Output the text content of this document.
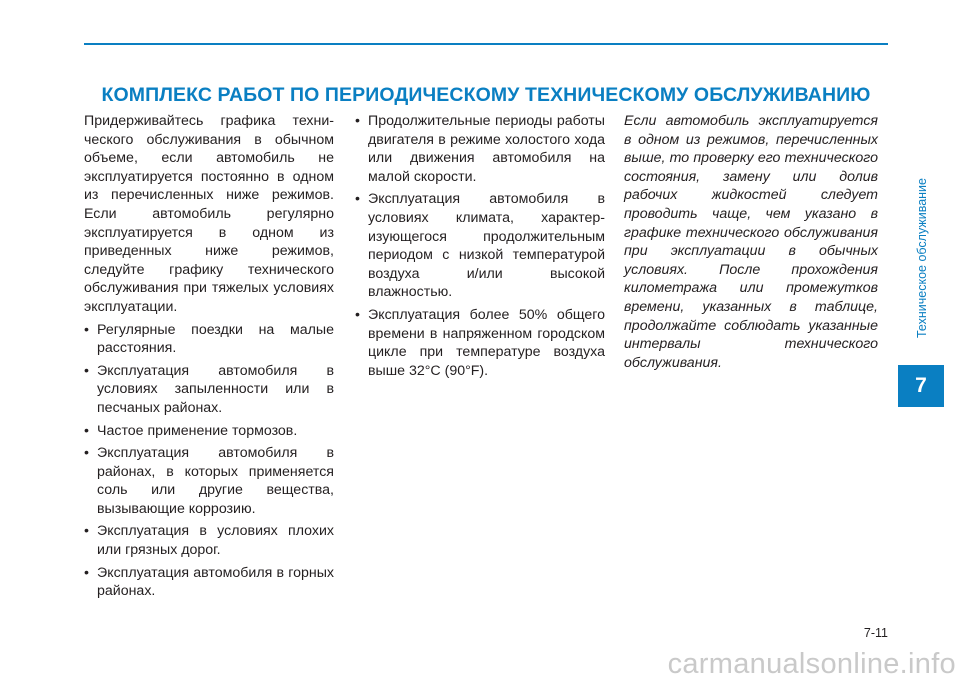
КОМПЛЕКС РАБОТ ПО ПЕРИОДИЧЕСКОМУ ТЕХНИЧЕСКОМУ ОБСЛУЖИВАНИЮ

Придерживайтесь графика техни-ческого обслуживания в обычном объеме, если автомобиль не эксплуатируется постоянно в одном из перечисленных ниже режимов. Если автомобиль регулярно эксплуатируется в одном из приведенных ниже режимов, следуйте графику технического обслуживания при тяжелых условиях эксплуатации.

• Регулярные поездки на малые расстояния.
• Эксплуатация автомобиля в условиях запыленности или в песчаных районах.
• Частое применение тормозов.
• Эксплуатация автомобиля в районах, в которых применяется соль или другие вещества, вызывающие коррозию.
• Эксплуатация в условиях плохих или грязных дорог.
• Эксплуатация автомобиля в горных районах.
• Продолжительные периоды работы двигателя в режиме холостого хода или движения автомобиля на малой скорости.
• Эксплуатация автомобиля в условиях климата, характер-изующегося продолжительным периодом с низкой температурой воздуха и/или высокой влажностью.
• Эксплуатация более 50% общего времени в напряженном городском цикле при температуре воздуха выше 32°C (90°F).

Если автомобиль эксплуатируется в одном из режимов, перечисленных выше, то проверку его технического состояния, замену или долив рабочих жидкостей следует проводить чаще, чем указано в графике технического обслуживания при эксплуатации в обычных условиях. После прохождения километража или промежутков времени, указанных в таблице, продолжайте соблюдать указанные интервалы технического обслуживания.

Техническое обслуживание
7
7-11
carmanualsonline.info
